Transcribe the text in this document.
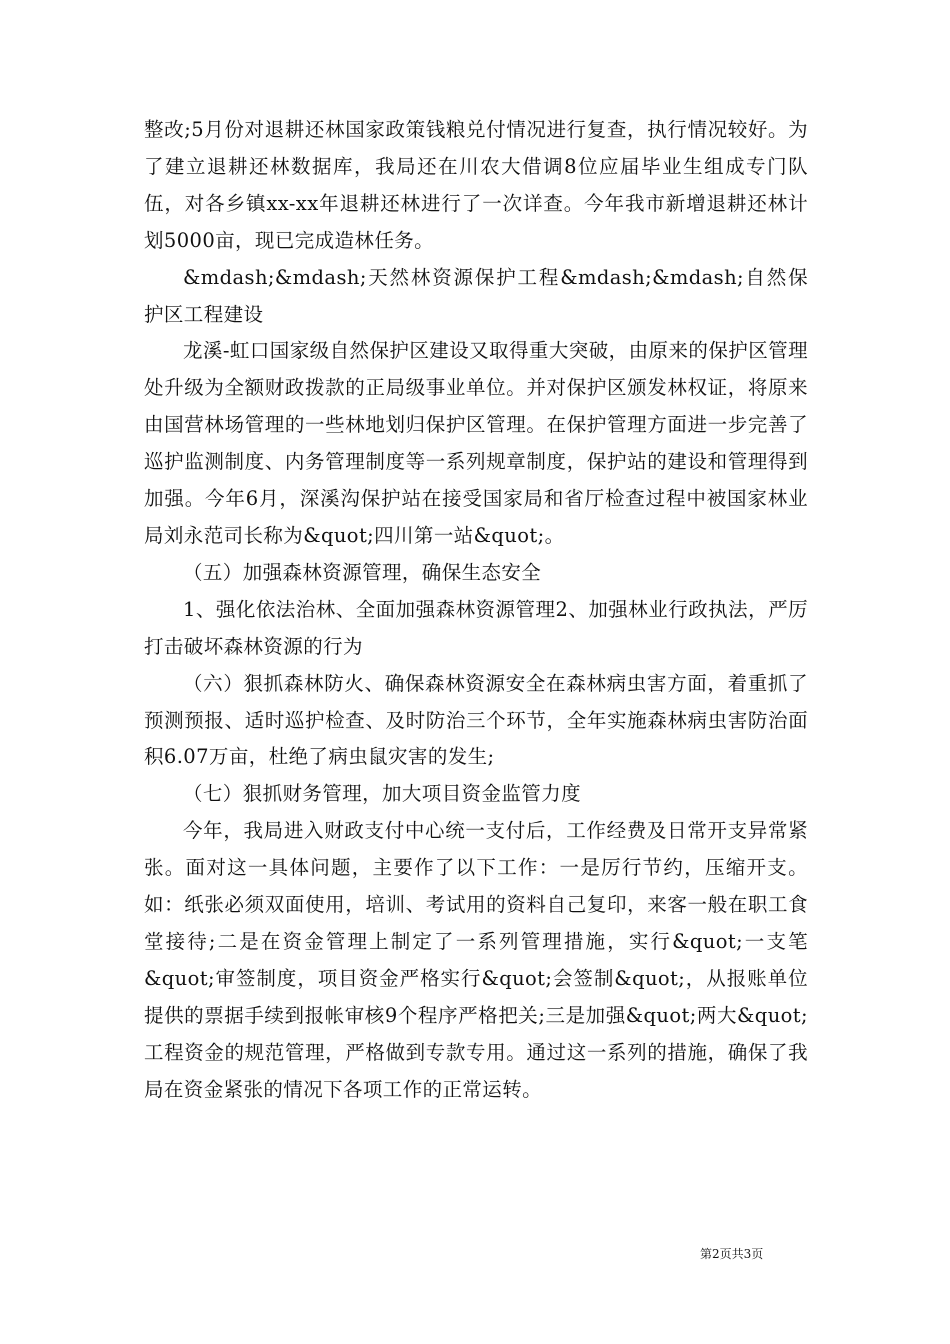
整改;5月份对退耕还林国家政策钱粮兑付情况进行复查，执行情况较好。为了建立退耕还林数据库，我局还在川农大借调8位应届毕业生组成专门队伍，对各乡镇xx-xx年退耕还林进行了一次详查。今年我市新增退耕还林计划5000亩，现已完成造林任务。

&mdash;&mdash;天然林资源保护工程&mdash;&mdash;自然保护区工程建设

龙溪-虹口国家级自然保护区建设又取得重大突破，由原来的保护区管理处升级为全额财政拨款的正局级事业单位。并对保护区颁发林权证，将原来由国营林场管理的一些林地划归保护区管理。在保护管理方面进一步完善了巡护监测制度、内务管理制度等一系列规章制度，保护站的建设和管理得到加强。今年6月，深溪沟保护站在接受国家局和省厅检查过程中被国家林业局刘永范司长称为&quot;四川第一站&quot;。

（五）加强森林资源管理，确保生态安全

1、强化依法治林、全面加强森林资源管理2、加强林业行政执法，严厉打击破坏森林资源的行为

（六）狠抓森林防火、确保森林资源安全在森林病虫害方面，着重抓了预测预报、适时巡护检查、及时防治三个环节，全年实施森林病虫害防治面积6.07万亩，杜绝了病虫鼠灾害的发生;

（七）狠抓财务管理，加大项目资金监管力度

今年，我局进入财政支付中心统一支付后，工作经费及日常开支异常紧张。面对这一具体问题，主要作了以下工作：一是厉行节约，压缩开支。如：纸张必须双面使用，培训、考试用的资料自己复印，来客一般在职工食堂接待;二是在资金管理上制定了一系列管理措施，实行&quot;一支笔&quot;审签制度，项目资金严格实行&quot;会签制&quot;，从报账单位提供的票据手续到报帐审核9个程序严格把关;三是加强&quot;两大&quot;工程资金的规范管理，严格做到专款专用。通过这一系列的措施，确保了我局在资金紧张的情况下各项工作的正常运转。

第2页共3页
